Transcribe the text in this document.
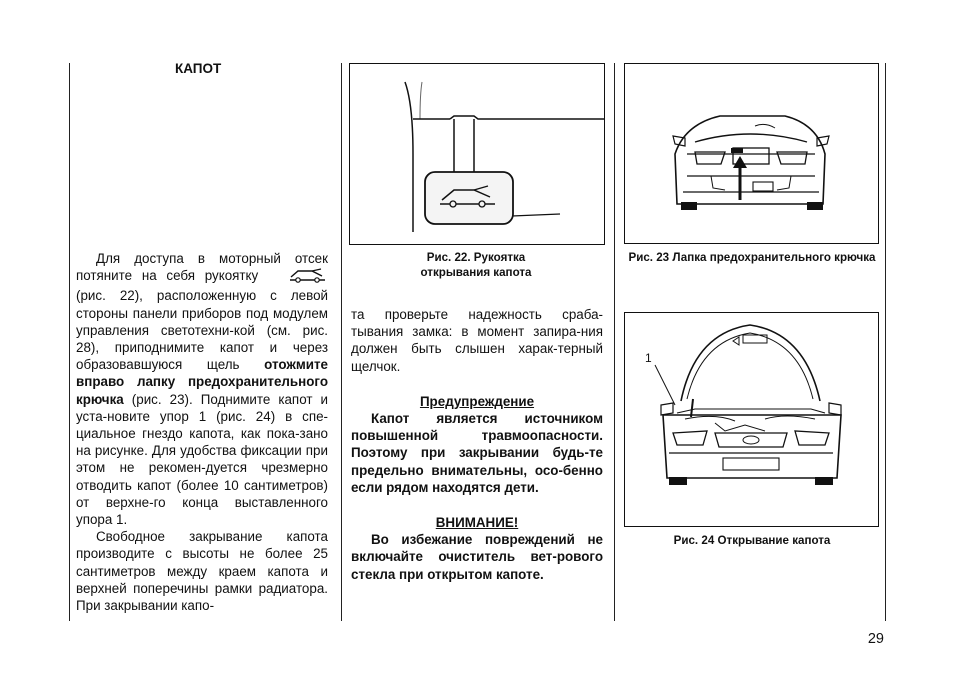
КАПОТ

Для доступа в моторный отсек потяните на себя рукоятку  (рис. 22), расположенную с левой стороны панели приборов под модулем управления светотехни-кой (см. рис. 28), приподнимите капот и через образовавшуюся щель отожмите вправо лапку предохранительного крючка (рис. 23). Поднимите капот и уста-новите упор 1 (рис. 24) в спе-циальное гнездо капота, как пока-зано на рисунке. Для удобства фиксации при этом не рекомен-дуется чрезмерно отводить капот (более 10 сантиметров) от верхне-го конца выставленного упора 1.

Свободное закрывание капота производите с высоты не более 25 сантиметров между краем капота и верхней поперечины рамки радиатора. При закрывании капо-

Рис. 22. Рукоятка открывания капота

та проверьте надежность сраба-тывания замка: в момент запира-ния должен быть слышен харак-терный щелчок.

Предупреждение

Капот является источником повышенной травмоопасности. Поэтому при закрывании будь-те предельно внимательны, осо-бенно если рядом находятся дети.

ВНИМАНИЕ!

Во избежание повреждений не включайте очиститель вет-рового стекла при открытом капоте.

Рис. 23 Лапка предохранительного крючка
1
Рис. 24 Открывание капота
29
